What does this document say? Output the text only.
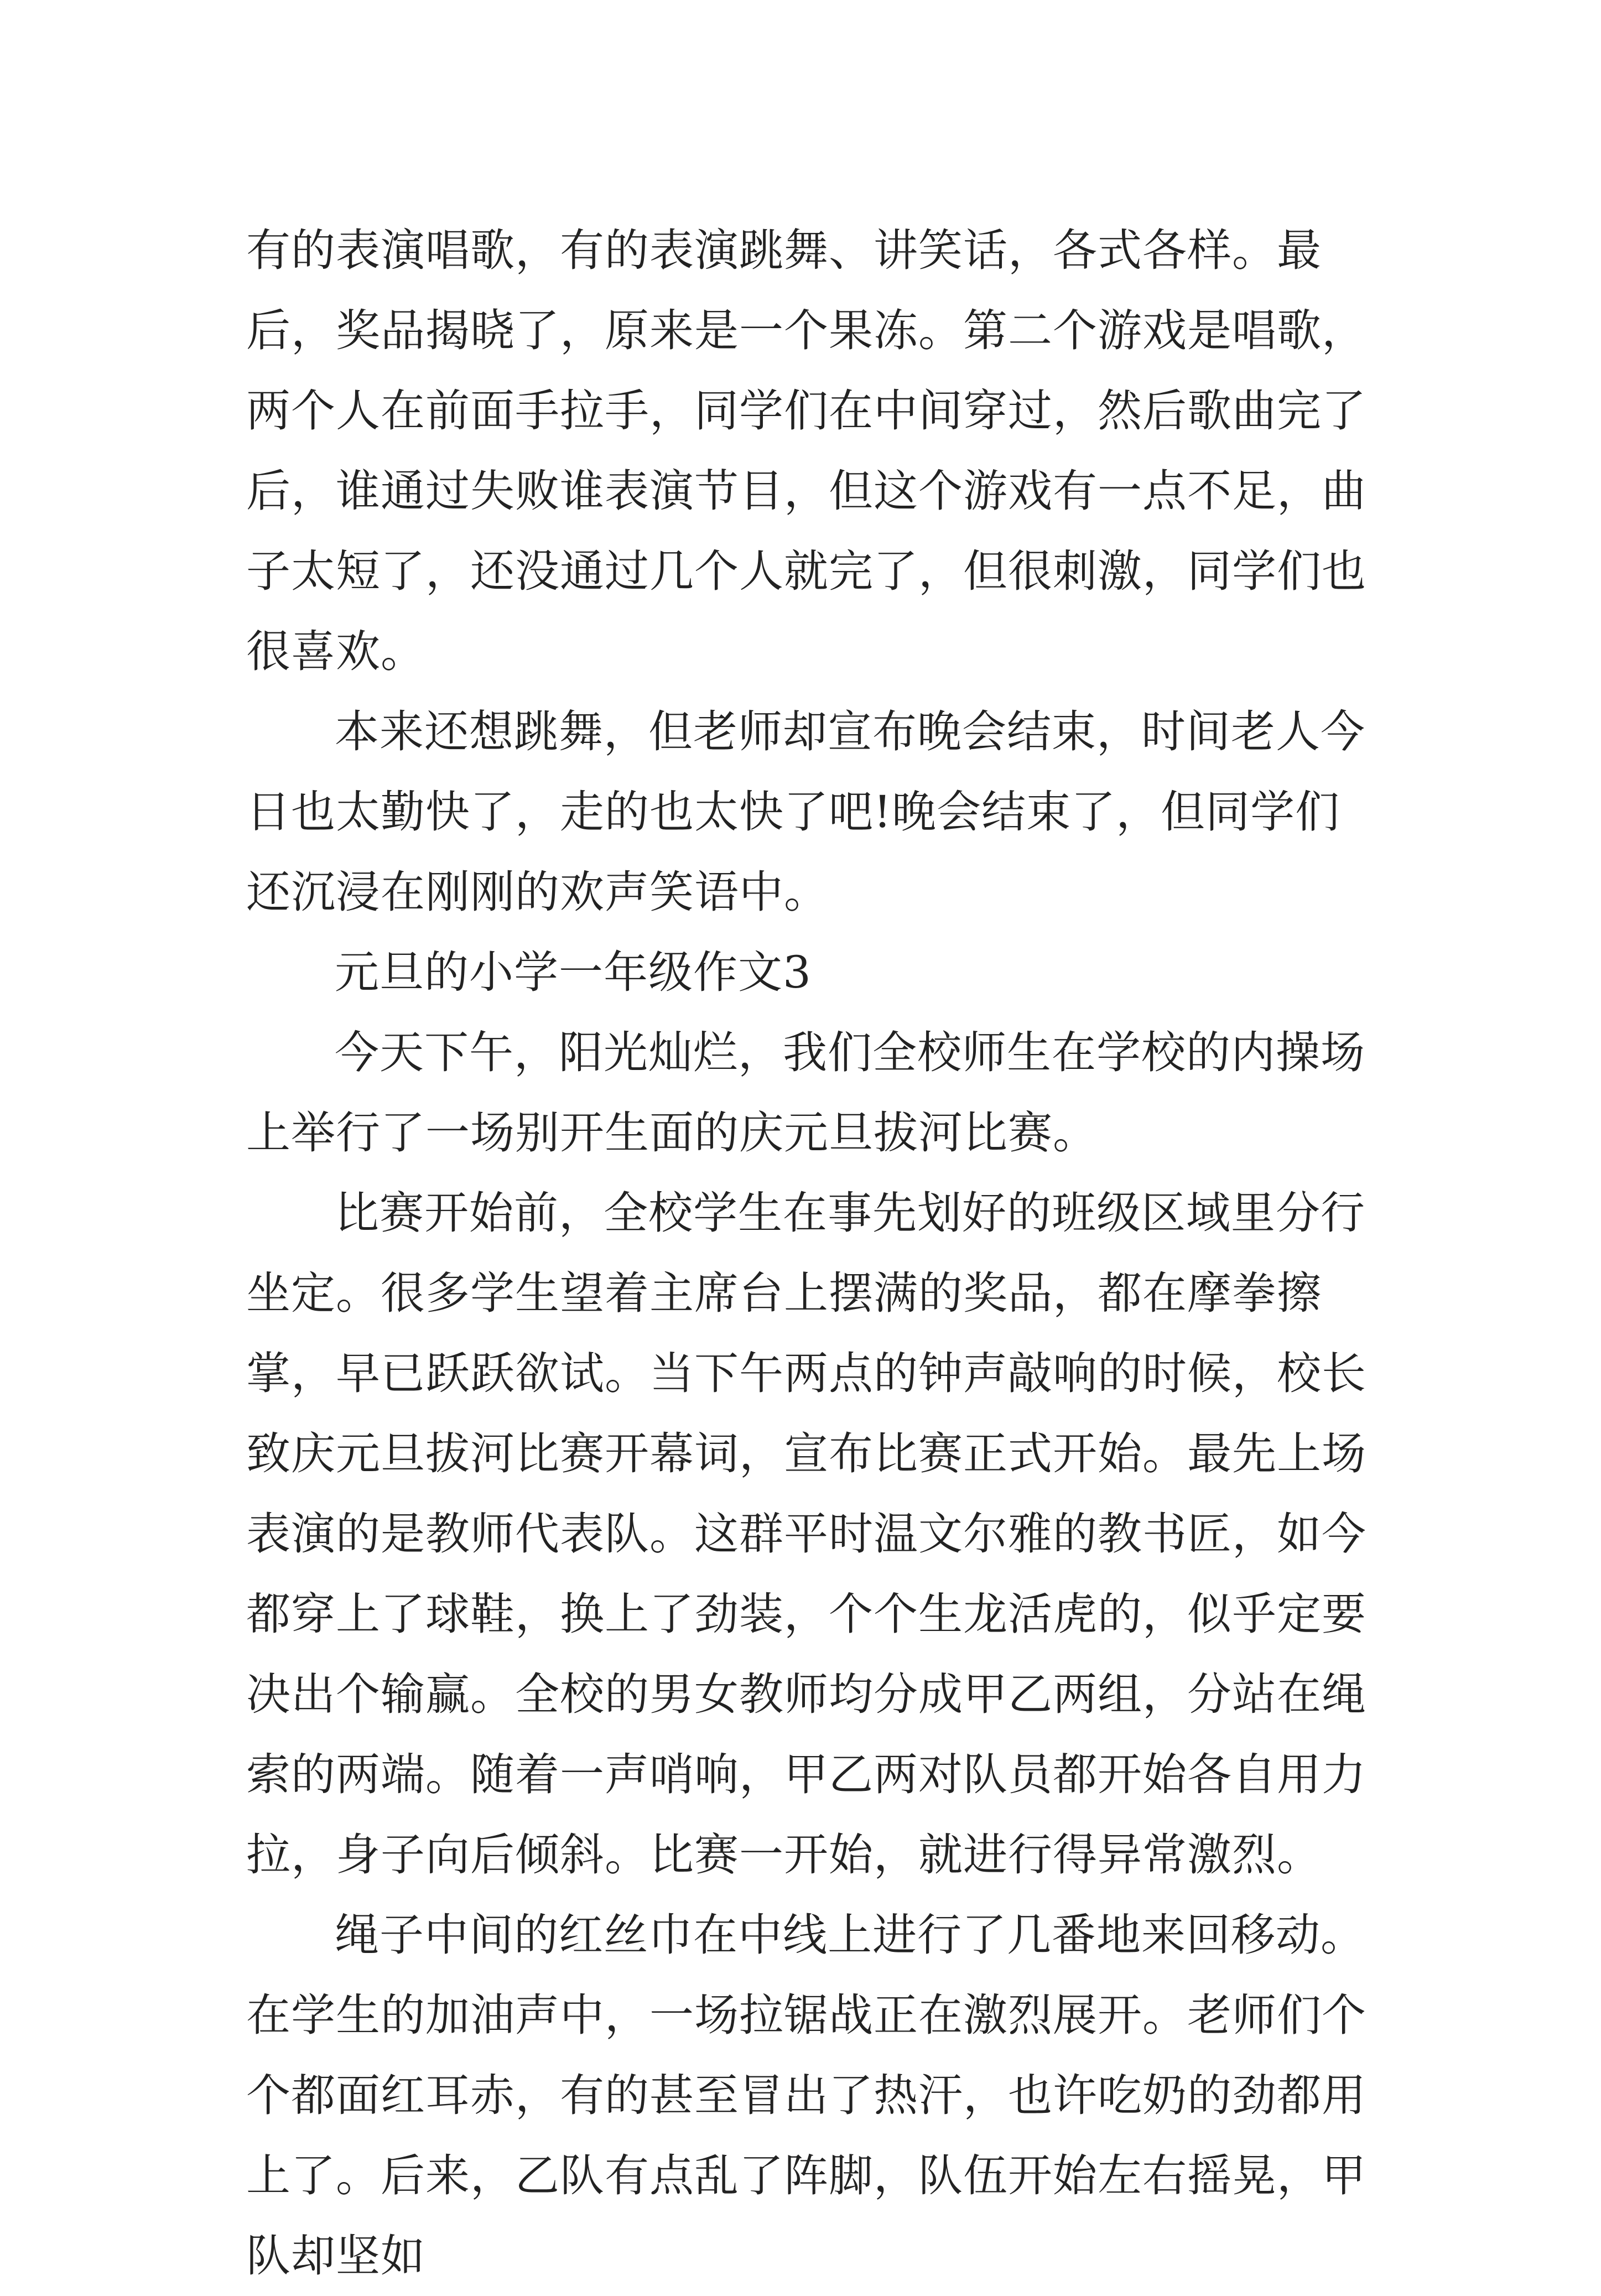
有的表演唱歌，有的表演跳舞、讲笑话，各式各样。最后，奖品揭晓了，原来是一个果冻。第二个游戏是唱歌，两个人在前面手拉手，同学们在中间穿过，然后歌曲完了后，谁通过失败谁表演节目，但这个游戏有一点不足，曲子太短了，还没通过几个人就完了，但很刺激，同学们也很喜欢。

本来还想跳舞，但老师却宣布晚会结束，时间老人今日也太勤快了，走的也太快了吧!晚会结束了，但同学们还沉浸在刚刚的欢声笑语中。

元旦的小学一年级作文3

今天下午，阳光灿烂，我们全校师生在学校的内操场上举行了一场别开生面的庆元旦拔河比赛。

比赛开始前，全校学生在事先划好的班级区域里分行坐定。很多学生望着主席台上摆满的奖品，都在摩拳擦掌，早已跃跃欲试。当下午两点的钟声敲响的时候，校长致庆元旦拔河比赛开幕词，宣布比赛正式开始。最先上场表演的是教师代表队。这群平时温文尔雅的教书匠，如今都穿上了球鞋，换上了劲装，个个生龙活虎的，似乎定要决出个输赢。全校的男女教师均分成甲乙两组，分站在绳索的两端。随着一声哨响，甲乙两对队员都开始各自用力拉，身子向后倾斜。比赛一开始，就进行得异常激烈。

绳子中间的红丝巾在中线上进行了几番地来回移动。在学生的加油声中，一场拉锯战正在激烈展开。老师们个个都面红耳赤，有的甚至冒出了热汗，也许吃奶的劲都用上了。后来，乙队有点乱了阵脚，队伍开始左右摇晃，甲队却坚如
